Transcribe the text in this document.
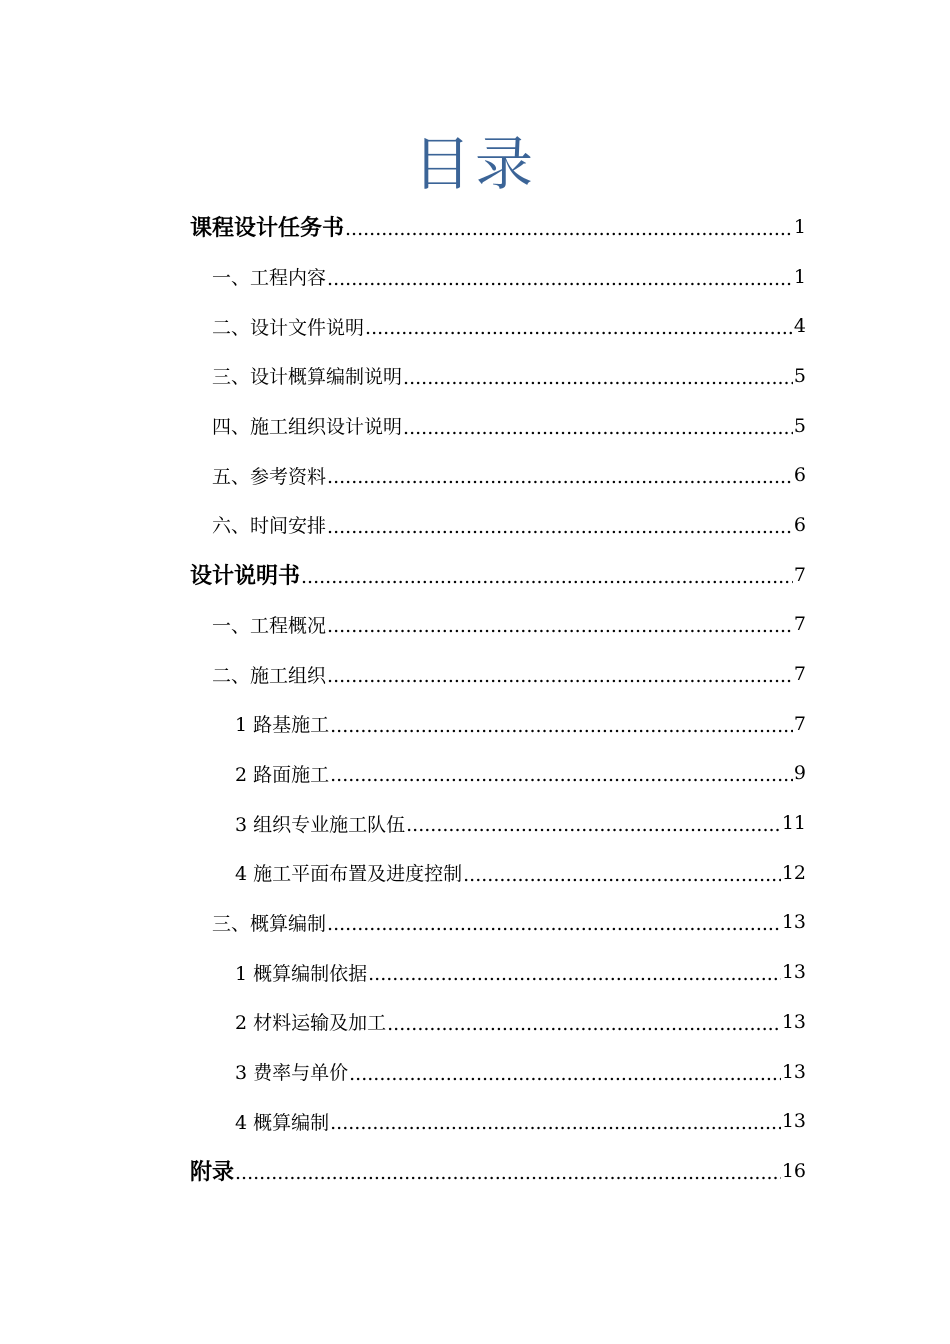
目录
课程设计任务书 .....	1
一、 工程内容 .....	1
二、 设计文件说明 .....	4
三、 设计概算编制说明 .....	5
四、 施工组织设计说明 .....	5
五、 参考资料 .....	6
六、 时间安排 .....	6
设计说明书 .....	7
一、 工程概况 .....	7
二、 施工组织 .....	7
1 路基施工 .....	7
2 路面施工 .....	9
3 组织专业施工队伍 .....	11
4 施工平面布置及进度控制 .....	12
三、 概算编制 .....	13
1 概算编制依据 .....	13
2 材料运输及加工 .....	13
3 费率与单价 .....	13
4 概算编制 .....	13
附录 .....	16
